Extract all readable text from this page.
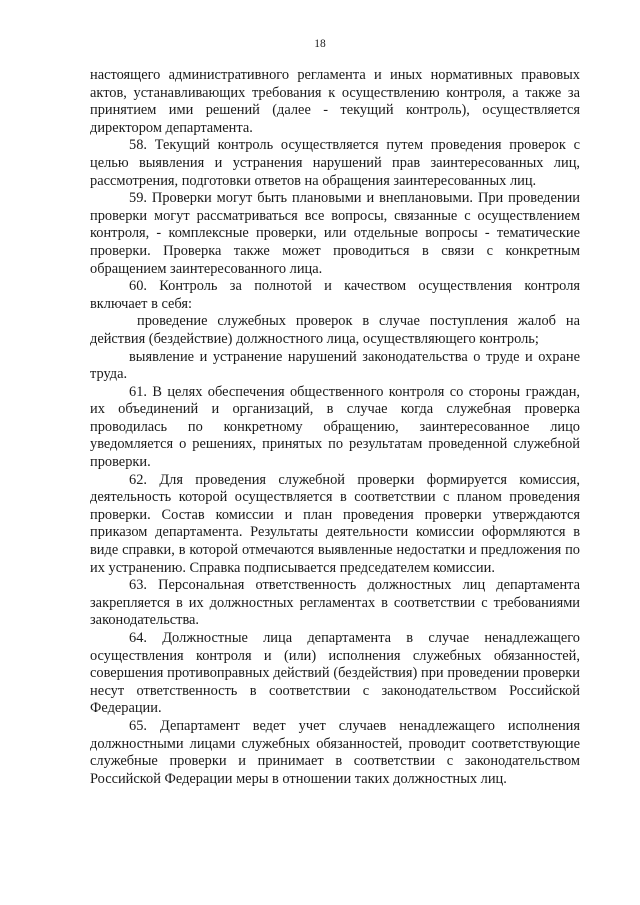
18

настоящего административного регламента и иных нормативных правовых актов, устанавливающих требования к осуществлению контроля, а также за принятием ими решений (далее - текущий контроль), осуществляется директором департамента.

58. Текущий контроль осуществляется путем проведения проверок с целью выявления и устранения нарушений прав заинтересованных лиц, рассмотрения, подготовки ответов на обращения заинтересованных лиц.

59. Проверки могут быть плановыми и внеплановыми. При проведении проверки могут рассматриваться все вопросы, связанные с осуществлением контроля, - комплексные проверки, или отдельные вопросы - тематические проверки. Проверка также может проводиться в связи с конкретным обращением заинтересованного лица.

60. Контроль за полнотой и качеством осуществления контроля включает в себя:

проведение служебных проверок в случае поступления жалоб на действия (бездействие) должностного лица, осуществляющего контроль;

выявление и устранение нарушений законодательства о труде и охране труда.

61. В целях обеспечения общественного контроля со стороны граждан, их объединений и организаций, в случае когда служебная проверка проводилась по конкретному обращению, заинтересованное лицо уведомляется о решениях, принятых по результатам проведенной служебной проверки.

62. Для проведения служебной проверки формируется комиссия, деятельность которой осуществляется в соответствии с планом проведения проверки. Состав комиссии и план проведения проверки утверждаются приказом департамента. Результаты деятельности комиссии оформляются в виде справки, в которой отмечаются выявленные недостатки и предложения по их устранению. Справка подписывается председателем комиссии.

63. Персональная ответственность должностных лиц департамента закрепляется в их должностных регламентах в соответствии с требованиями законодательства.

64. Должностные лица департамента в случае ненадлежащего осуществления контроля и (или) исполнения служебных обязанностей, совершения противоправных действий (бездействия) при проведении проверки несут ответственность в соответствии с законодательством Российской Федерации.

65. Департамент ведет учет случаев ненадлежащего исполнения должностными лицами служебных обязанностей, проводит соответствующие служебные проверки и принимает в соответствии с законодательством Российской Федерации меры в отношении таких должностных лиц.
